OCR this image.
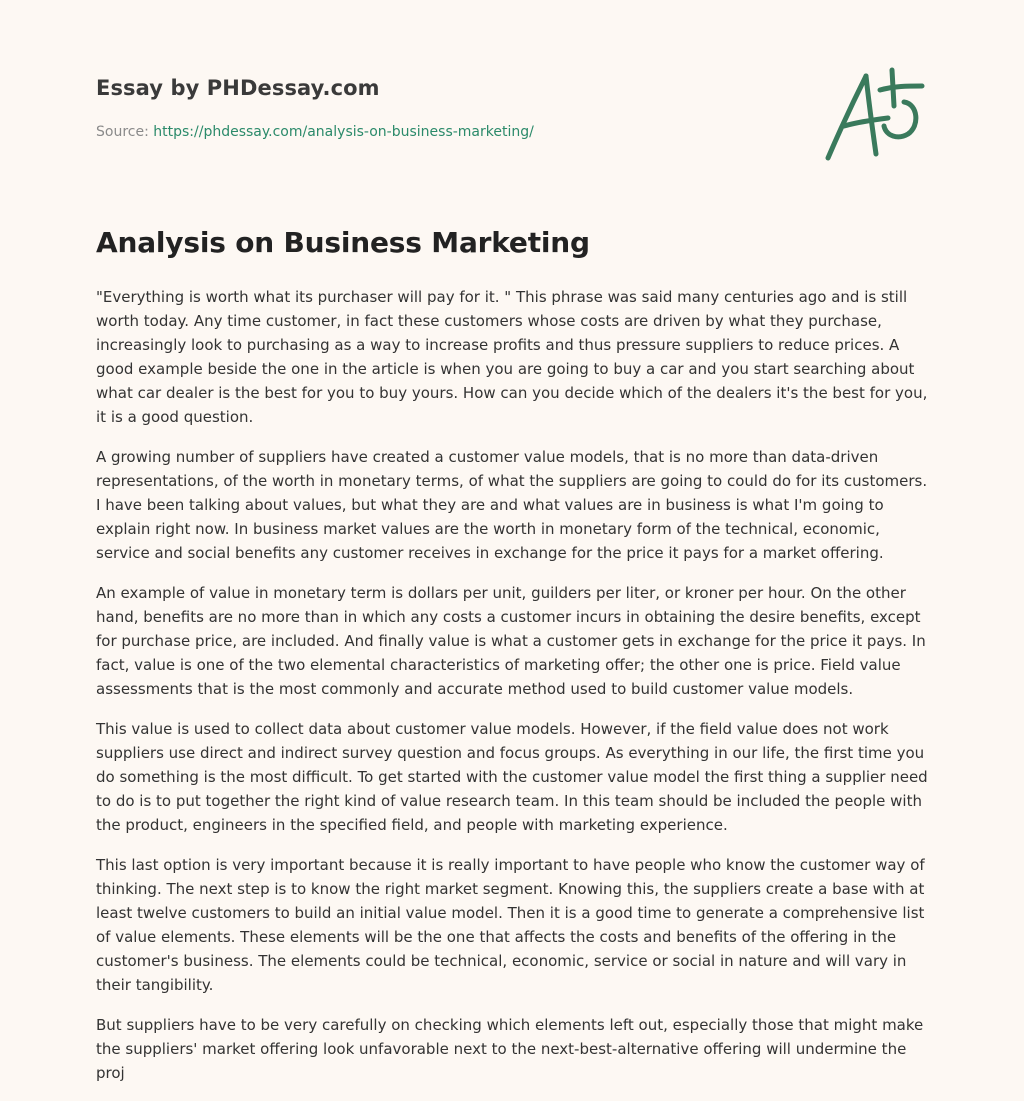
Essay by PHDessay.com
Source: https://phdessay.com/analysis-on-business-marketing/
Analysis on Business Marketing

"Everything is worth what its purchaser will pay for it. " This phrase was said many centuries ago and is still worth today. Any time customer, in fact these customers whose costs are driven by what they purchase, increasingly look to purchasing as a way to increase profits and thus pressure suppliers to reduce prices. A good example beside the one in the article is when you are going to buy a car and you start searching about what car dealer is the best for you to buy yours. How can you decide which of the dealers it's the best for you, it is a good question.

A growing number of suppliers have created a customer value models, that is no more than data-driven representations, of the worth in monetary terms, of what the suppliers are going to could do for its customers. I have been talking about values, but what they are and what values are in business is what I'm going to explain right now. In business market values are the worth in monetary form of the technical, economic, service and social benefits any customer receives in exchange for the price it pays for a market offering.

An example of value in monetary term is dollars per unit, guilders per liter, or kroner per hour. On the other hand, benefits are no more than in which any costs a customer incurs in obtaining the desire benefits, except for purchase price, are included. And finally value is what a customer gets in exchange for the price it pays. In fact, value is one of the two elemental characteristics of marketing offer; the other one is price. Field value assessments that is the most commonly and accurate method used to build customer value models.

This value is used to collect data about customer value models. However, if the field value does not work suppliers use direct and indirect survey question and focus groups. As everything in our life, the first time you do something is the most difficult. To get started with the customer value model the first thing a supplier need to do is to put together the right kind of value research team. In this team should be included the people with the product, engineers in the specified field, and people with marketing experience.

This last option is very important because it is really important to have people who know the customer way of thinking. The next step is to know the right market segment. Knowing this, the suppliers create a base with at least twelve customers to build an initial value model. Then it is a good time to generate a comprehensive list of value elements. These elements will be the one that affects the costs and benefits of the offering in the customer's business. The elements could be technical, economic, service or social in nature and will vary in their tangibility.

But suppliers have to be very carefully on checking which elements left out, especially those that might make the suppliers' market offering look unfavorable next to the next-best-alternative offering will undermine the proj
